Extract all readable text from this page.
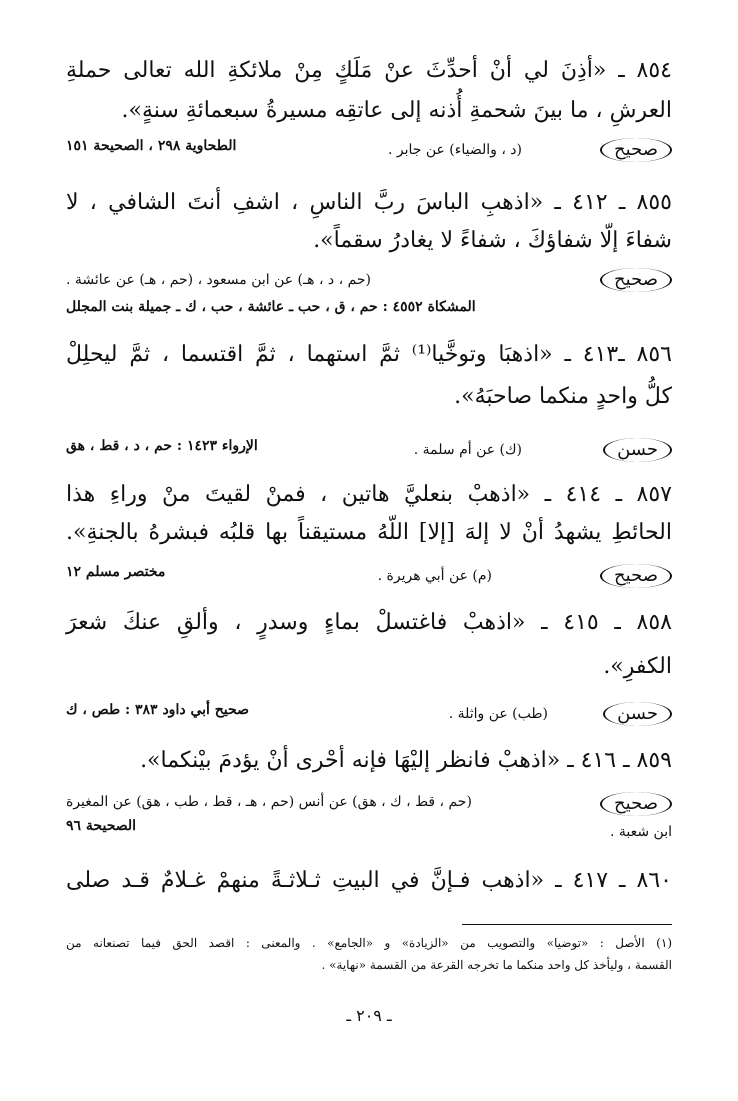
٨٥٤ ـ «أذِنَ لي أنْ أحدِّثَ عنْ مَلَكٍ مِنْ ملائكةِ الله تعالى حملةِ
العرشِ ، ما بينَ شحمةِ أُذنه إلى عاتقِه مسيرةُ سبعمائةِ سنةٍ».
صحيح
(د ، والضياء) عن جابر .
الطحاوية ٢٩٨ ، الصحيحة ١٥١
٨٥٥ ـ ٤١٢ ـ «اذهبِ الباسَ ربَّ الناسِ ، اشفِ أنتَ الشافي ، لا
شفاءَ إلّا شفاؤكَ ، شفاءً لا يغادرُ سقماً».
صحيح
(حم ، د ، هـ) عن ابن مسعود ، (حم ، هـ) عن عائشة .
المشكاة ٤٥٥٢ : حم ، ق ، حب ـ عائشة ، حب ، ك ـ جميلة بنت المجلل
٨٥٦ ـ٤١٣ ـ «اذهبَا وتوخَّيا⁽¹⁾ ثمَّ استهما ، ثمَّ اقتسما ، ثمَّ ليحلِلْ
كلُّ واحدٍ منكما صاحبَهُ».
حسن
(ك) عن أم سلمة .
الإرواء ١٤٢٣ : حم ، د ، قط ، هق
٨٥٧ ـ ٤١٤ ـ «اذهبْ بنعليَّ هاتين ، فمنْ لقيتَ منْ وراءِ هذا
الحائطِ يشهدُ أنْ لا إلهَ [إلا] اللّهُ مستيقناً بها قلبُه فبشرهُ بالجنةِ».
صحيح
(م) عن أبي هريرة .
مختصر مسلم ١٢
٨٥٨ ـ ٤١٥ ـ «اذهبْ فاغتسلْ بماءٍ وسدرٍ ، وألقِ عنكَ شعرَ
الكفرِ».
حسن
(طب) عن واثلة .
صحيح أبي داود ٣٨٣ : طص ، ك
٨٥٩ ـ ٤١٦ ـ «اذهبْ فانظر إليْهَا فإنه أحْرى أنْ يؤدمَ بيْنكما».
صحيح
(حم ، قط ، ك ، هق) عن أنس (حم ، هـ ، قط ، طب ، هق) عن المغيرة
ابن شعبة .
الصحيحة ٩٦
٨٦٠ ـ ٤١٧ ـ «اذهب فـإنَّ في البيتِ ثـلاثـةً منهمْ غـلامٌ قـد صلى
(١) الأصل : «توضيا» والتصويب من «الزيادة» و «الجامع» . والمعنى : اقصد الحق فيما تصنعانه من
القسمة ، وليأخذ كل واحد منكما ما تخرجه القرعة من القسمة «نهاية» .
ـ ٢٠٩ ـ
